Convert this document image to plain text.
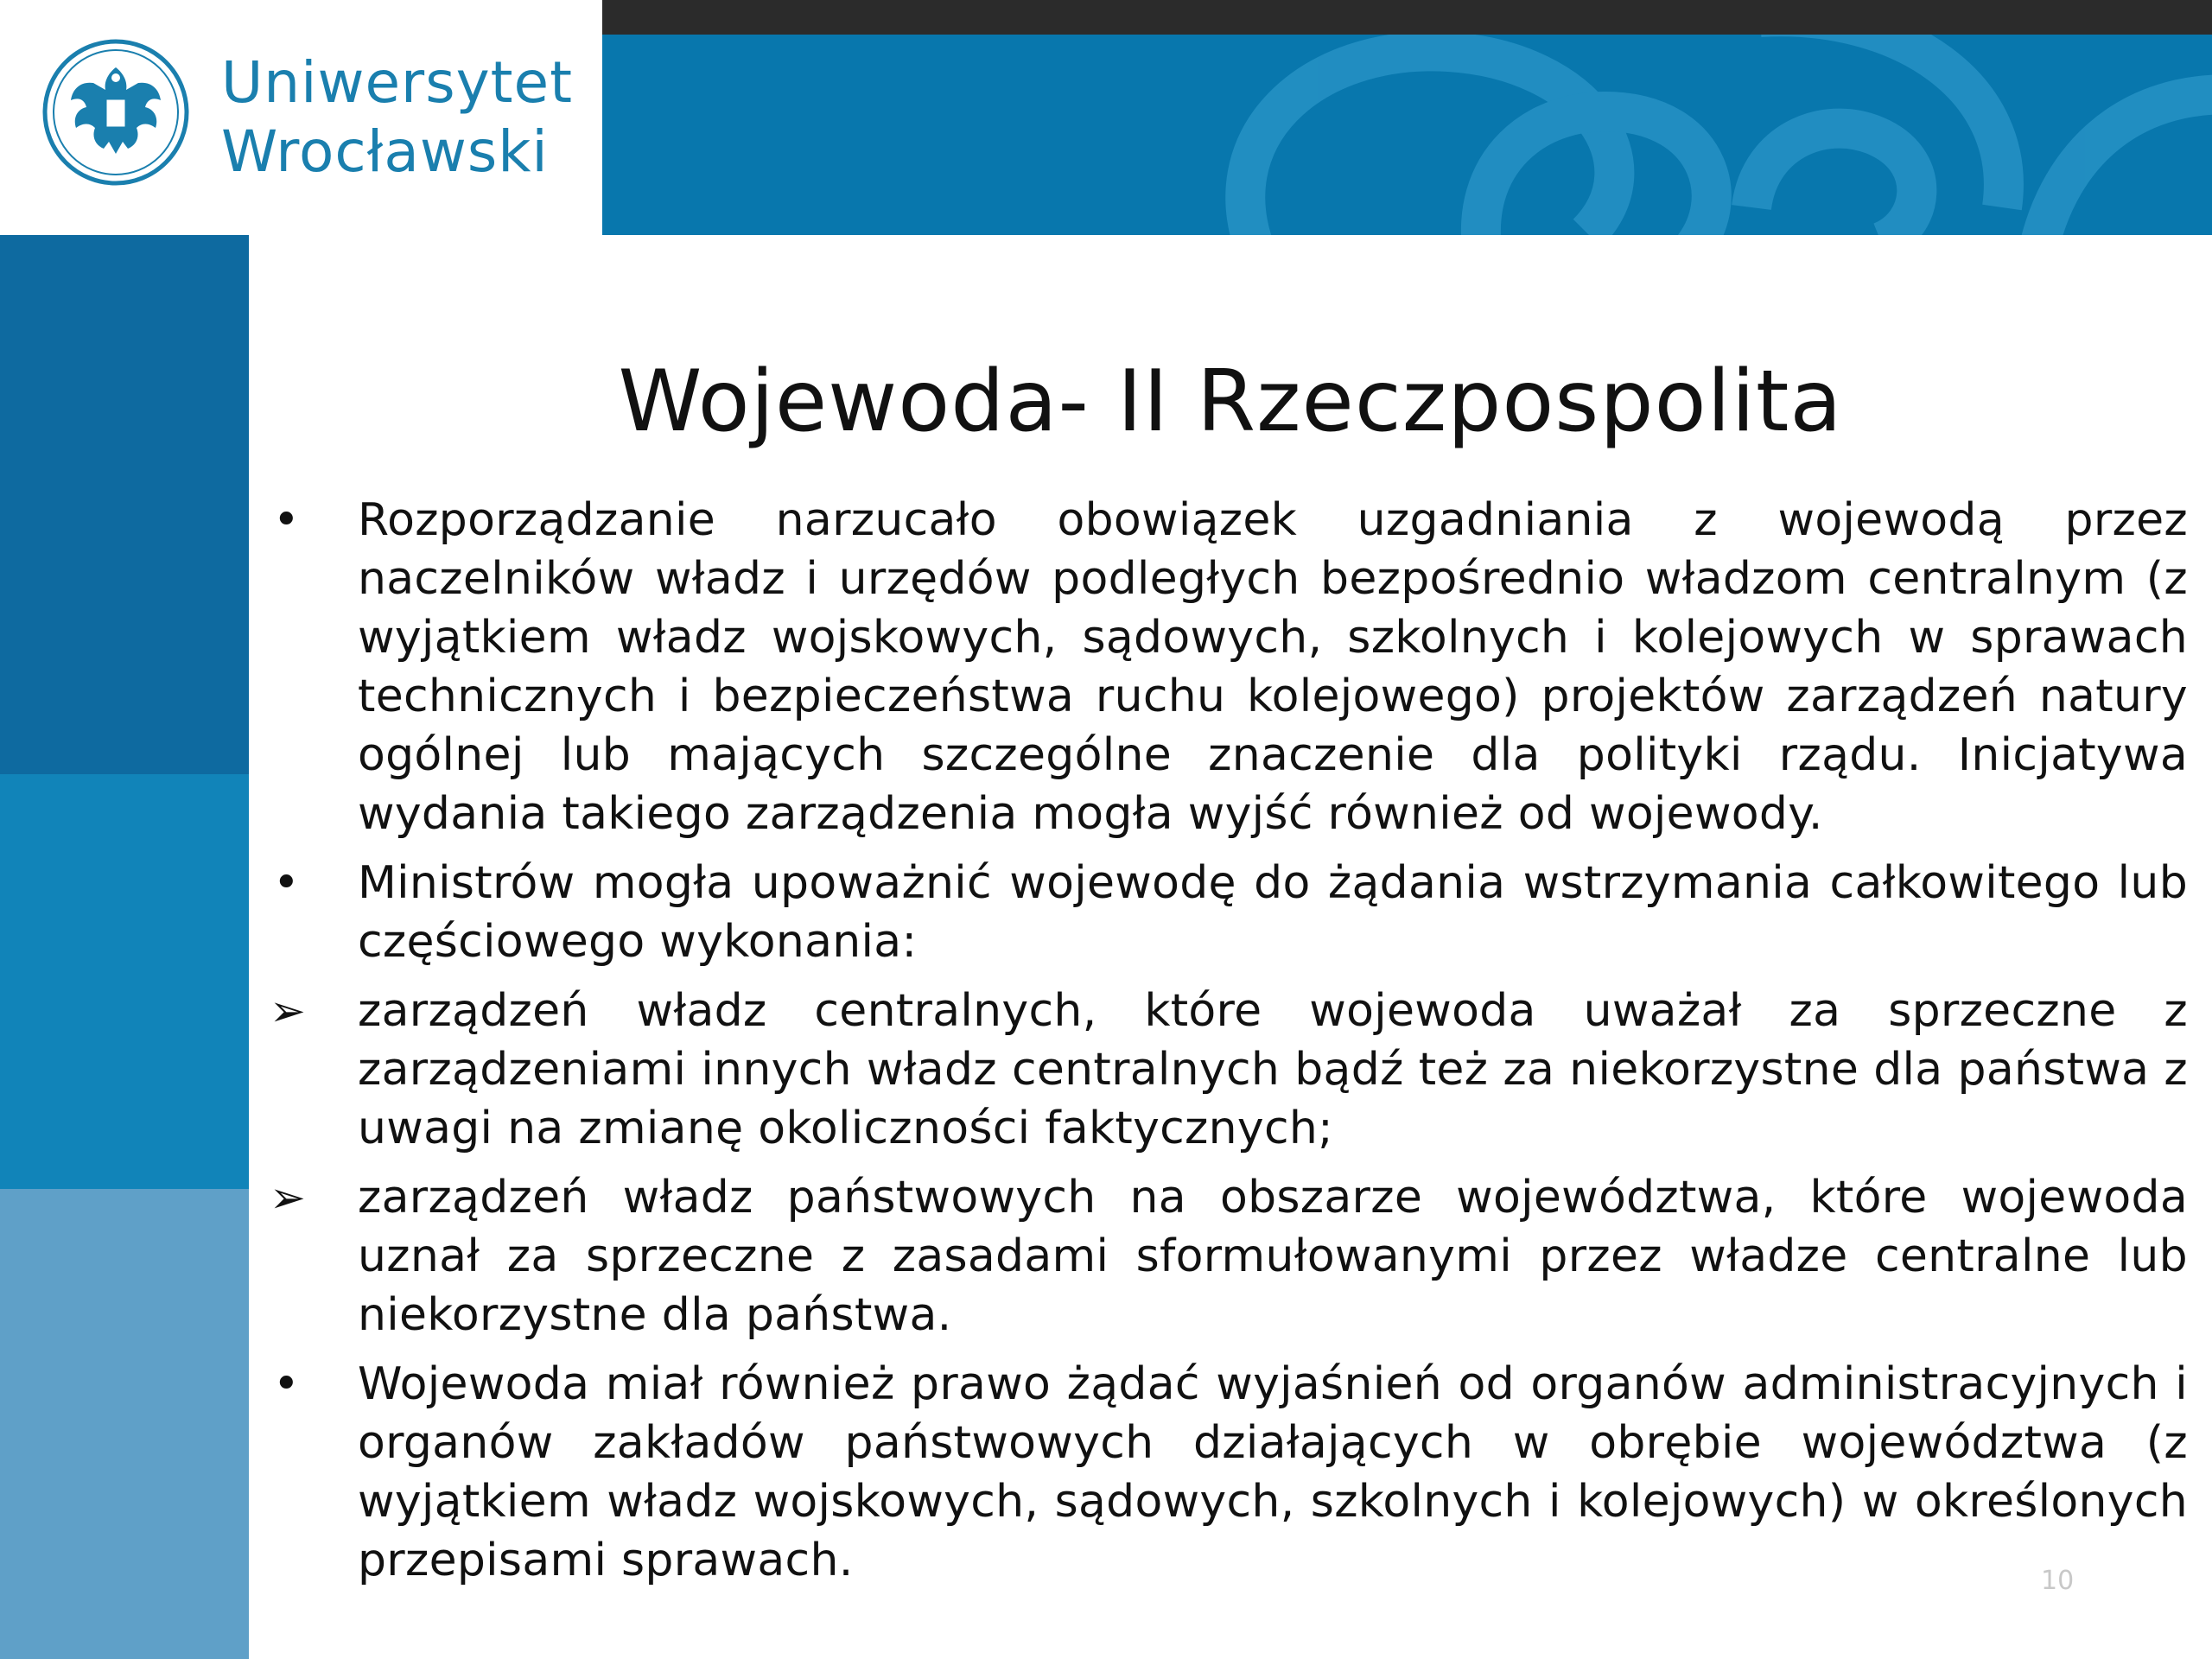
Uniwersytet
Wrocławski
Wojewoda- II Rzeczpospolita
• Rozporządzanie narzucało obowiązek uzgadniania z wojewodą przez naczelników władz i urzędów podległych bezpośrednio władzom centralnym (z wyjątkiem władz wojskowych, sądowych, szkolnych i kolejowych w sprawach technicznych i bezpieczeństwa ruchu kolejowego) projektów zarządzeń natury ogólnej lub mających szczególne znaczenie dla polityki rządu. Inicjatywa wydania takiego zarządzenia mogła wyjść również od wojewody.
• Ministrów mogła upoważnić wojewodę do żądania wstrzymania całkowitego lub częściowego wykonania:
➢ zarządzeń władz centralnych, które wojewoda uważał za sprzeczne z zarządzeniami innych władz centralnych bądź też za niekorzystne dla państwa z uwagi na zmianę okoliczności faktycznych;
➢ zarządzeń władz państwowych na obszarze województwa, które wojewoda uznał za sprzeczne z zasadami sformułowanymi przez władze centralne lub niekorzystne dla państwa.
• Wojewoda miał również prawo żądać wyjaśnień od organów administracyjnych i organów zakładów państwowych działających w obrębie województwa (z wyjątkiem władz wojskowych, sądowych, szkolnych i kolejowych) w określonych przepisami sprawach.	10
